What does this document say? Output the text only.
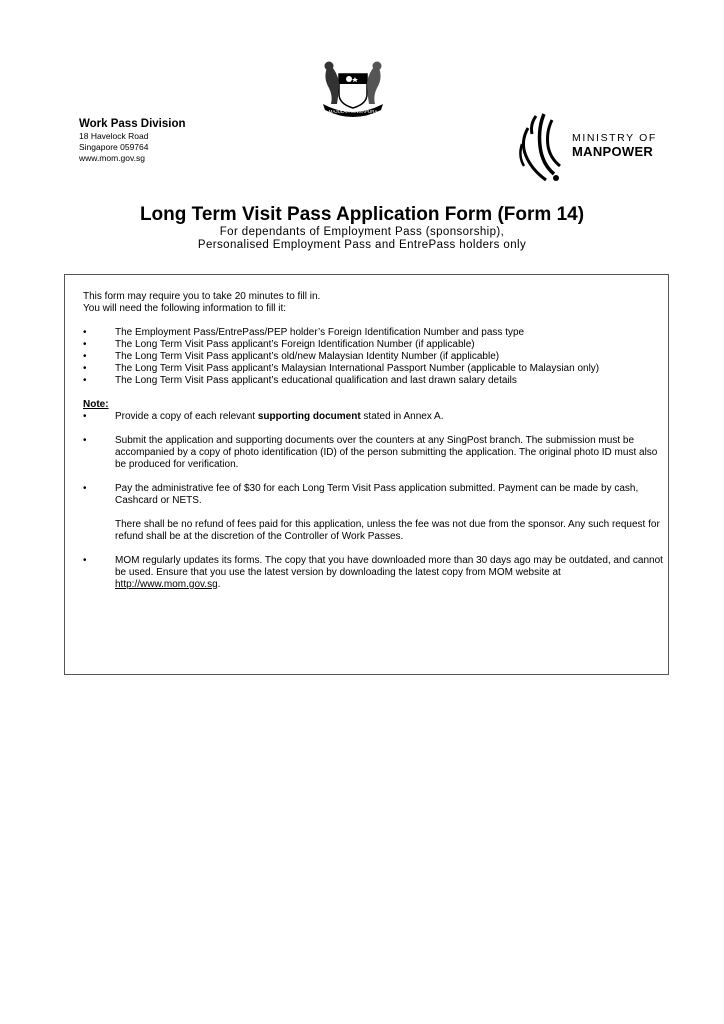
MAJULAH SINGAPURA
Work Pass Division
18 Havelock Road
Singapore 059764
www.mom.gov.sg
MINISTRY OF
MANPOWER
Long Term Visit Pass Application Form (Form 14)
For dependants of Employment Pass (sponsorship),
Personalised Employment Pass and EntrePass holders only

This form may require you to take 20 minutes to fill in.

You will need the following information to fill it:

•	The Employment Pass/EntrePass/PEP holder’s Foreign Identification Number and pass type
•	The Long Term Visit Pass applicant’s Foreign Identification Number (if applicable)
•	The Long Term Visit Pass applicant’s old/new Malaysian Identity Number (if applicable)
•	The Long Term Visit Pass applicant’s Malaysian International Passport Number (applicable to Malaysian only)
•	The Long Term Visit Pass applicant’s educational qualification and last drawn salary details

Note:

•	Provide a copy of each relevant supporting document stated in Annex A.
•	Submit the application and supporting documents over the counters at any SingPost branch. The submission must be accompanied by a copy of photo identification (ID) of the person submitting the application. The original photo ID must also be produced for verification.
•	Pay the administrative fee of $30 for each Long Term Visit Pass application submitted. Payment can be made by cash, Cashcard or NETS.

There shall be no refund of fees paid for this application, unless the fee was not due from the sponsor. Any such request for refund shall be at the discretion of the Controller of Work Passes.

•	MOM regularly updates its forms. The copy that you have downloaded more than 30 days ago may be outdated, and cannot be used. Ensure that you use the latest version by downloading the latest copy from MOM website at http://www.mom.gov.sg.
